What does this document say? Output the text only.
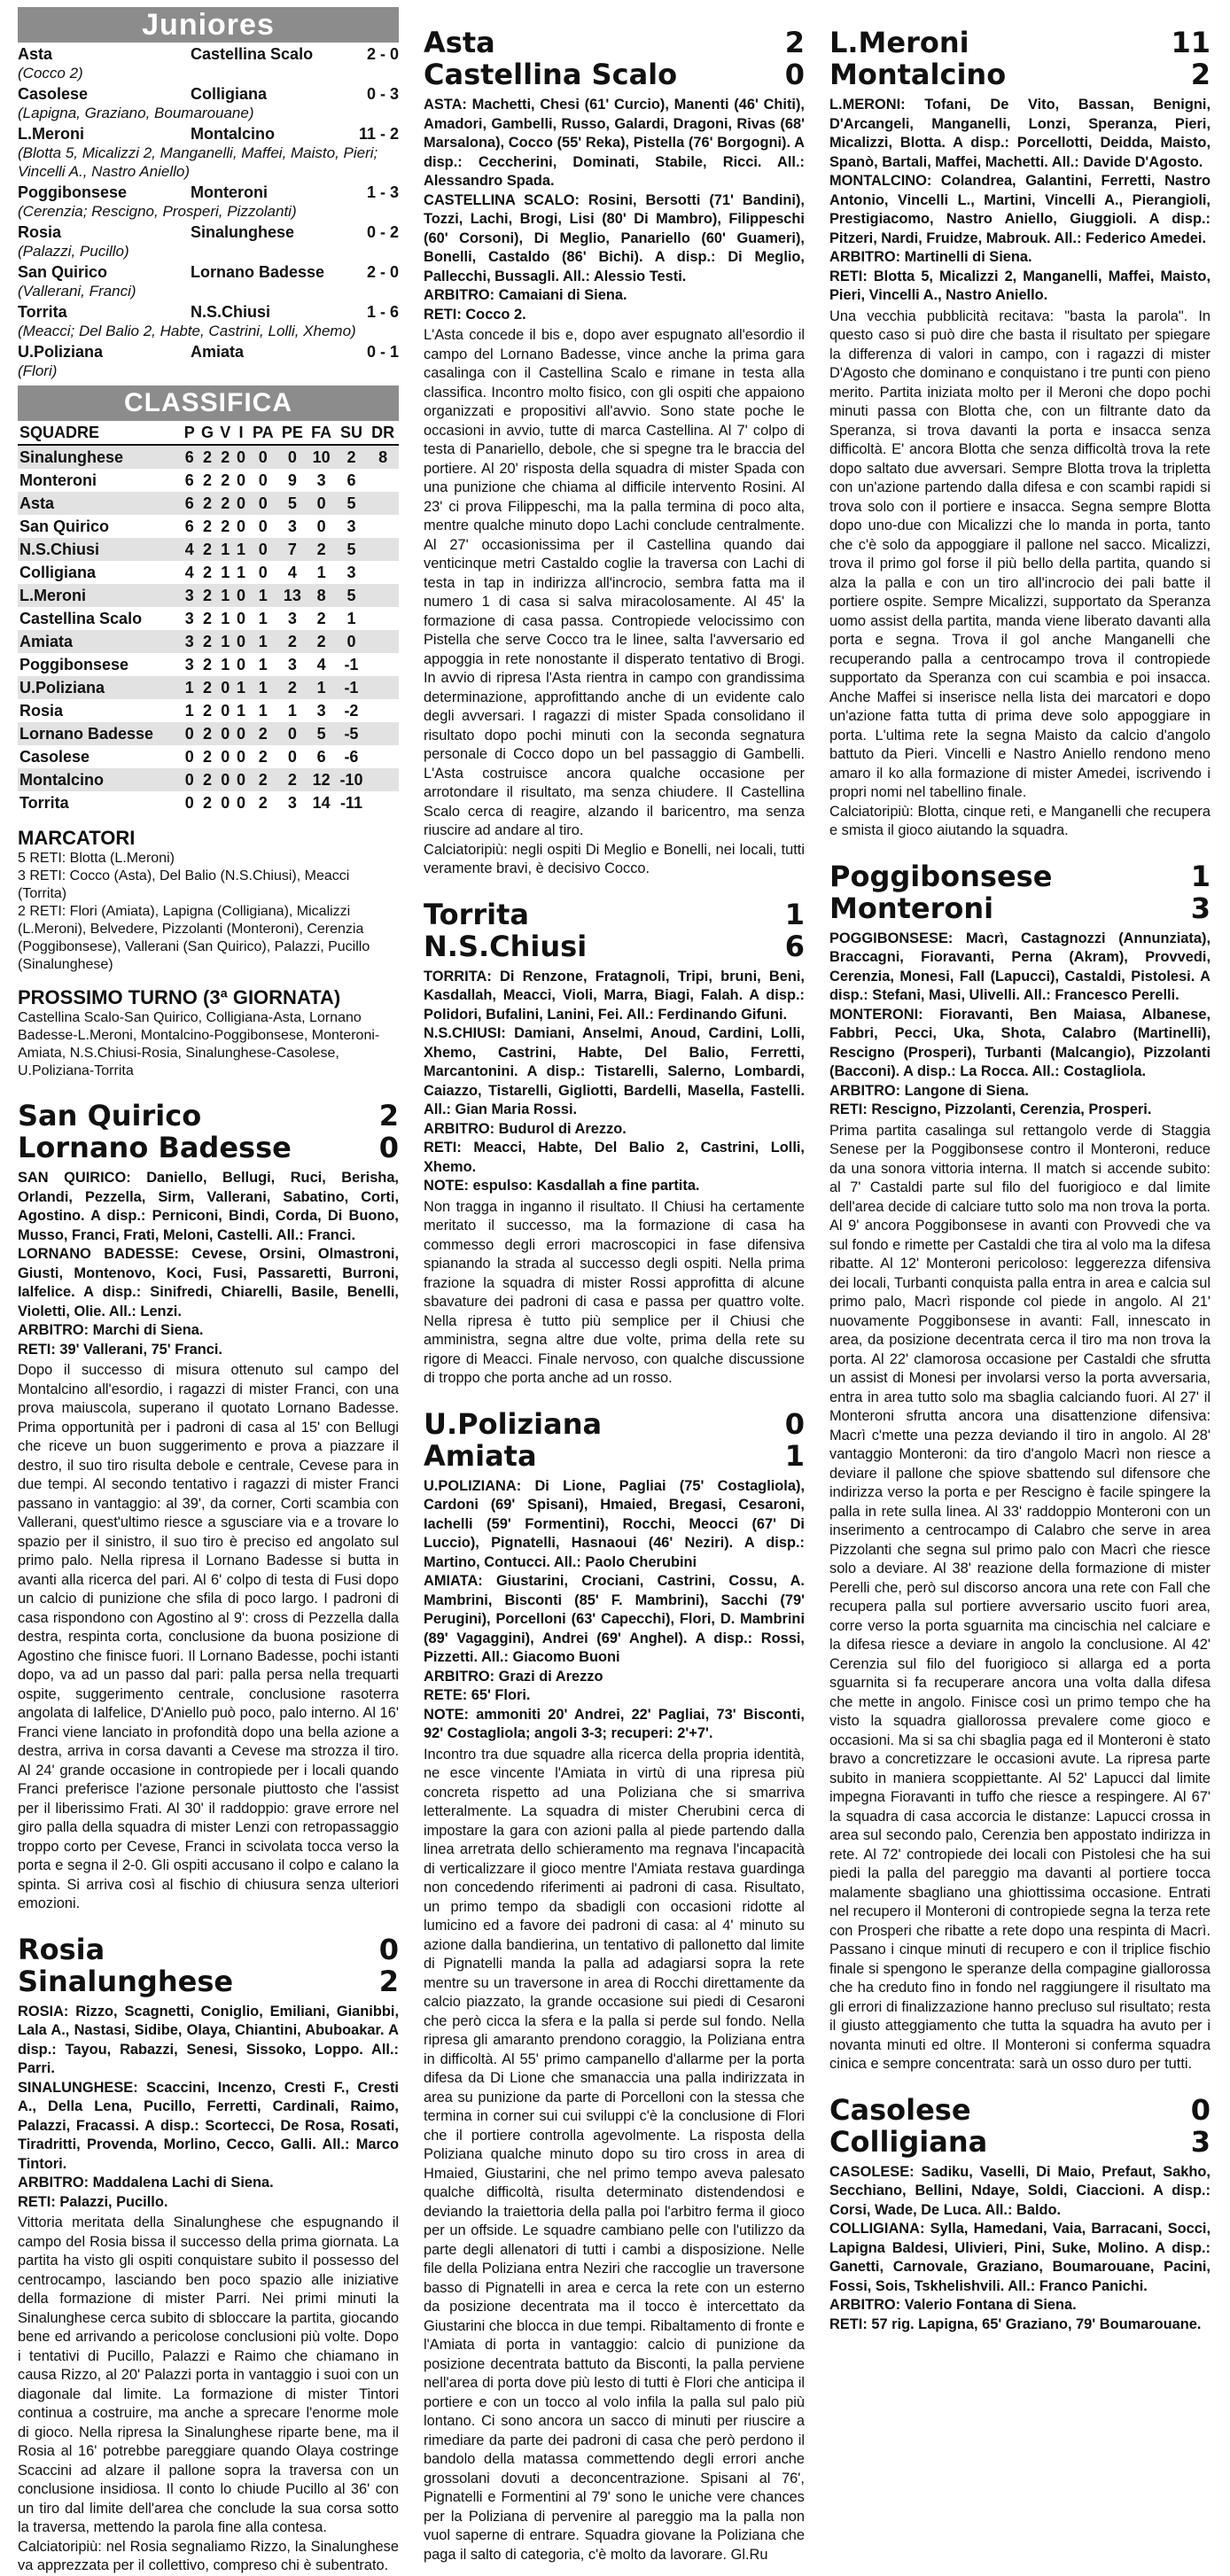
Juniores
Asta	Castellina Scalo	2 - 0
(Cocco 2)
Casolese	Colligiana	0 - 3
(Lapigna, Graziano, Boumarouane)
L.Meroni	Montalcino	11 - 2
(Blotta 5, Micalizzi 2, Manganelli, Maffei, Maisto, Pieri; Vincelli A., Nastro Aniello)
Poggibonsese	Monteroni	1 - 3
(Cerenzia; Rescigno, Prosperi, Pizzolanti)
Rosia	Sinalunghese	0 - 2
(Palazzi, Pucillo)
San Quirico	Lornano Badesse	2 - 0
(Vallerani, Franci)
Torrita	N.S.Chiusi	1 - 6
(Meacci; Del Balio 2, Habte, Castrini, Lolli, Xhemo)
U.Poliziana	Amiata	0 - 1
(Flori)
CLASSIFICA
SQUADRE	P	G	V	I	PA	PE	FA	SU	DR
Sinalunghese	6	2	2	0	0	0	10	2	8
Monteroni	6	2	2	0	0	9	3	6	
Asta	6	2	2	0	0	5	0	5	
San Quirico	6	2	2	0	0	3	0	3	
N.S.Chiusi	4	2	1	1	0	7	2	5	
Colligiana	4	2	1	1	0	4	1	3	
L.Meroni	3	2	1	0	1	13	8	5	
Castellina Scalo	3	2	1	0	1	3	2	1	
Amiata	3	2	1	0	1	2	2	0	
Poggibonsese	3	2	1	0	1	3	4	-1	
U.Poliziana	1	2	0	1	1	2	1	-1	
Rosia	1	2	0	1	1	1	3	-2	
Lornano Badesse	0	2	0	0	2	0	5	-5	
Casolese	0	2	0	0	2	0	6	-6	
Montalcino	0	2	0	0	2	2	12	-10	
Torrita	0	2	0	0	2	3	14	-11	
MARCATORI
5 RETI: Blotta (L.Meroni)
3 RETI: Cocco (Asta), Del Balio (N.S.Chiusi), Meacci (Torrita)
2 RETI: Flori (Amiata), Lapigna (Colligiana), Micalizzi (L.Meroni), Belvedere, Pizzolanti (Monteroni), Cerenzia (Poggibonsese), Vallerani (San Quirico), Palazzi, Pucillo (Sinalunghese)
PROSSIMO TURNO (3ª GIORNATA)
Castellina Scalo-San Quirico, Colligiana-Asta, Lornano Badesse-L.Meroni, Montalcino-Poggibonsese, Monteroni-Amiata, N.S.Chiusi-Rosia, Sinalunghese-Casolese, U.Poliziana-Torrita
San Quirico	2
Lornano Badesse	0
SAN QUIRICO: Daniello, Bellugi, Ruci, Berisha, Orlandi, Pezzella, Sirm, Vallerani, Sabatino, Corti, Agostino. A disp.: Perniconi, Bindi, Corda, Di Buono, Musso, Franci, Frati, Meloni, Castelli. All.: Franci.
LORNANO BADESSE: Cevese, Orsini, Olmastroni, Giusti, Montenovo, Koci, Fusi, Passaretti, Burroni, Ialfelice. A disp.: Sinifredi, Chiarelli, Basile, Benelli, Violetti, Olie. All.: Lenzi.
ARBITRO: Marchi di Siena.
RETI: 39' Vallerani, 75' Franci.
Dopo il successo di misura ottenuto sul campo del Montalcino all'esordio, i ragazzi di mister Franci, con una prova maiuscola, superano il quotato Lornano Badesse. Prima opportunità per i padroni di casa al 15' con Bellugi che riceve un buon suggerimento e prova a piazzare il destro, il suo tiro risulta debole e centrale, Cevese para in due tempi. Al secondo tentativo i ragazzi di mister Franci passano in vantaggio: al 39', da corner, Corti scambia con Vallerani, quest'ultimo riesce a sgusciare via e a trovare lo spazio per il sinistro, il suo tiro è preciso ed angolato sul primo palo. Nella ripresa il Lornano Badesse si butta in avanti alla ricerca del pari. Al 6' colpo di testa di Fusi dopo un calcio di punizione che sfila di poco largo. I padroni di casa rispondono con Agostino al 9': cross di Pezzella dalla destra, respinta corta, conclusione da buona posizione di Agostino che finisce fuori. Il Lornano Badesse, pochi istanti dopo, va ad un passo dal pari: palla persa nella trequarti ospite, suggerimento centrale, conclusione rasoterra angolata di Ialfelice, D'Aniello può poco, palo interno. Al 16' Franci viene lanciato in profondità dopo una bella azione a destra, arriva in corsa davanti a Cevese ma strozza il tiro. Al 24' grande occasione in contropiede per i locali quando Franci preferisce l'azione personale piuttosto che l'assist per il liberissimo Frati. Al 30' il raddoppio: grave errore nel giro palla della squadra di mister Lenzi con retropassaggio troppo corto per Cevese, Franci in scivolata tocca verso la porta e segna il 2-0. Gli ospiti accusano il colpo e calano la spinta. Si arriva così al fischio di chiusura senza ulteriori emozioni.
Rosia	0
Sinalunghese	2
ROSIA: Rizzo, Scagnetti, Coniglio, Emiliani, Gianibbi, Lala A., Nastasi, Sidibe, Olaya, Chiantini, Abuboakar. A disp.: Tayou, Rabazzi, Senesi, Sissoko, Loppo. All.: Parri.
SINALUNGHESE: Scaccini, Incenzo, Cresti F., Cresti A., Della Lena, Pucillo, Ferretti, Cardinali, Raimo, Palazzi, Fracassi. A disp.: Scortecci, De Rosa, Rosati, Tiradritti, Provenda, Morlino, Cecco, Galli. All.: Marco Tintori.
ARBITRO: Maddalena Lachi di Siena.
RETI: Palazzi, Pucillo.
Vittoria meritata della Sinalunghese che espugnando il campo del Rosia bissa il successo della prima giornata. La partita ha visto gli ospiti conquistare subito il possesso del centrocampo, lasciando ben poco spazio alle iniziative della formazione di mister Parri. Nei primi minuti la Sinalunghese cerca subito di sbloccare la partita, giocando bene ed arrivando a pericolose conclusioni più volte. Dopo i tentativi di Pucillo, Palazzi e Raimo che chiamano in causa Rizzo, al 20' Palazzi porta in vantaggio i suoi con un diagonale dal limite. La formazione di mister Tintori continua a costruire, ma anche a sprecare l'enorme mole di gioco. Nella ripresa la Sinalunghese riparte bene, ma il Rosia al 16' potrebbe pareggiare quando Olaya costringe Scaccini ad alzare il pallone sopra la traversa con un conclusione insidiosa. Il conto lo chiude Pucillo al 36' con un tiro dal limite dell'area che conclude la sua corsa sotto la traversa, mettendo la parola fine alla contesa.
Calciatoripiù: nel Rosia segnaliamo Rizzo, la Sinalunghese va apprezzata per il collettivo, compreso chi è subentrato.
Asta	2
Castellina Scalo	0
ASTA: Machetti, Chesi (61' Curcio), Manenti (46' Chiti), Amadori, Gambelli, Russo, Galardi, Dragoni, Rivas (68' Marsalona), Cocco (55' Reka), Pistella (76' Borgogni). A disp.: Ceccherini, Dominati, Stabile, Ricci. All.: Alessandro Spada.
CASTELLINA SCALO: Rosini, Bersotti (71' Bandini), Tozzi, Lachi, Brogi, Lisi (80' Di Mambro), Filippeschi (60' Corsoni), Di Meglio, Panariello (60' Guameri), Bonelli, Castaldo (86' Bichi). A disp.: Di Meglio, Pallecchi, Bussagli. All.: Alessio Testi.
ARBITRO: Camaiani di Siena.
RETI: Cocco 2.
L'Asta concede il bis e, dopo aver espugnato all'esordio il campo del Lornano Badesse, vince anche la prima gara casalinga con il Castellina Scalo e rimane in testa alla classifica. Incontro molto fisico, con gli ospiti che appaiono organizzati e propositivi all'avvio. Sono state poche le occasioni in avvio, tutte di marca Castellina. Al 7' colpo di testa di Panariello, debole, che si spegne tra le braccia del portiere. Al 20' risposta della squadra di mister Spada con una punizione che chiama al difficile intervento Rosini. Al 23' ci prova Filippeschi, ma la palla termina di poco alta, mentre qualche minuto dopo Lachi conclude centralmente. Al 27' occasionissima per il Castellina quando dai venticinque metri Castaldo coglie la traversa con Lachi di testa in tap in indirizza all'incrocio, sembra fatta ma il numero 1 di casa si salva miracolosamente. Al 45' la formazione di casa passa. Contropiede velocissimo con Pistella che serve Cocco tra le linee, salta l'avversario ed appoggia in rete nonostante il disperato tentativo di Brogi. In avvio di ripresa l'Asta rientra in campo con grandissima determinazione, approfittando anche di un evidente calo degli avversari. I ragazzi di mister Spada consolidano il risultato dopo pochi minuti con la seconda segnatura personale di Cocco dopo un bel passaggio di Gambelli. L'Asta costruisce ancora qualche occasione per arrotondare il risultato, ma senza chiudere. Il Castellina Scalo cerca di reagire, alzando il baricentro, ma senza riuscire ad andare al tiro.
Calciatoripiù: negli ospiti Di Meglio e Bonelli, nei locali, tutti veramente bravi, è decisivo Cocco.
Torrita	1
N.S.Chiusi	6
TORRITA: Di Renzone, Fratagnoli, Tripi, bruni, Beni, Kasdallah, Meacci, Violi, Marra, Biagi, Falah. A disp.: Polidori, Bufalini, Lanini, Fei. All.: Ferdinando Gifuni.
N.S.CHIUSI: Damiani, Anselmi, Anoud, Cardini, Lolli, Xhemo, Castrini, Habte, Del Balio, Ferretti, Marcantonini. A disp.: Tistarelli, Salerno, Lombardi, Caiazzo, Tistarelli, Gigliotti, Bardelli, Masella, Fastelli. All.: Gian Maria Rossi.
ARBITRO: Budurol di Arezzo.
RETI: Meacci, Habte, Del Balio 2, Castrini, Lolli, Xhemo.
NOTE: espulso: Kasdallah a fine partita.
Non tragga in inganno il risultato. Il Chiusi ha certamente meritato il successo, ma la formazione di casa ha commesso degli errori macroscopici in fase difensiva spianando la strada al successo degli ospiti. Nella prima frazione la squadra di mister Rossi approfitta di alcune sbavature dei padroni di casa e passa per quattro volte. Nella ripresa è tutto più semplice per il Chiusi che amministra, segna altre due volte, prima della rete su rigore di Meacci. Finale nervoso, con qualche discussione di troppo che porta anche ad un rosso.
U.Poliziana	0
Amiata	1
U.POLIZIANA: Di Lione, Pagliai (75' Costagliola), Cardoni (69' Spisani), Hmaied, Bregasi, Cesaroni, Iachelli (59' Formentini), Rocchi, Meocci (67' Di Luccio), Pignatelli, Hasnaoui (46' Neziri). A disp.: Martino, Contucci. All.: Paolo Cherubini
AMIATA: Giustarini, Crociani, Castrini, Cossu, A. Mambrini, Bisconti (85' F. Mambrini), Sacchi (79' Perugini), Porcelloni (63' Capecchi), Flori, D. Mambrini (89' Vagaggini), Andrei (69' Anghel). A disp.: Rossi, Pizzetti. All.: Giacomo Buoni
ARBITRO: Grazi di Arezzo
RETE: 65' Flori.
NOTE: ammoniti 20' Andrei, 22' Pagliai, 73' Bisconti, 92' Costagliola; angoli 3-3; recuperi: 2'+7'.
Incontro tra due squadre alla ricerca della propria identità, ne esce vincente l'Amiata in virtù di una ripresa più concreta rispetto ad una Poliziana che si smarriva letteralmente. La squadra di mister Cherubini cerca di impostare la gara con azioni palla al piede partendo dalla linea arretrata dello schieramento ma regnava l'incapacità di verticalizzare il gioco mentre l'Amiata restava guardinga non concedendo riferimenti ai padroni di casa. Risultato, un primo tempo da sbadigli con occasioni ridotte al lumicino ed a favore dei padroni di casa: al 4' minuto su azione dalla bandierina, un tentativo di pallonetto dal limite di Pignatelli manda la palla ad adagiarsi sopra la rete mentre su un traversone in area di Rocchi direttamente da calcio piazzato, la grande occasione sui piedi di Cesaroni che però cicca la sfera e la palla si perde sul fondo. Nella ripresa gli amaranto prendono coraggio, la Poliziana entra in difficoltà. Al 55' primo campanello d'allarme per la porta difesa da Di Lione che smanaccia una palla indirizzata in area su punizione da parte di Porcelloni con la stessa che termina in corner sui cui sviluppi c'è la conclusione di Flori che il portiere controlla agevolmente. La risposta della Poliziana qualche minuto dopo su tiro cross in area di Hmaied, Giustarini, che nel primo tempo aveva palesato qualche difficoltà, risulta determinato distendendosi e deviando la traiettoria della palla poi l'arbitro ferma il gioco per un offside. Le squadre cambiano pelle con l'utilizzo da parte degli allenatori di tutti i cambi a disposizione. Nelle file della Poliziana entra Neziri che raccoglie un traversone basso di Pignatelli in area e cerca la rete con un esterno da posizione decentrata ma il tocco è intercettato da Giustarini che blocca in due tempi. Ribaltamento di fronte e l'Amiata di porta in vantaggio: calcio di punizione da posizione decentrata battuto da Bisconti, la palla perviene nell'area di porta dove più lesto di tutti è Flori che anticipa il portiere e con un tocco al volo infila la palla sul palo più lontano. Ci sono ancora un sacco di minuti per riuscire a rimediare da parte dei padroni di casa che però perdono il bandolo della matassa commettendo degli errori anche grossolani dovuti a deconcentrazione. Spisani al 76', Pignatelli e Formentini al 79' sono le uniche vere chances per la Poliziana di pervenire al pareggio ma la palla non vuol saperne di entrare. Squadra giovane la Poliziana che paga il salto di categoria, c'è molto da lavorare. Gl.Ru
L.Meroni	11
Montalcino	2
L.MERONI: Tofani, De Vito, Bassan, Benigni, D'Arcangeli, Manganelli, Lonzi, Speranza, Pieri, Micalizzi, Blotta. A disp.: Porcellotti, Deidda, Maisto, Spanò, Bartali, Maffei, Machetti. All.: Davide D'Agosto.
MONTALCINO: Colandrea, Galantini, Ferretti, Nastro Antonio, Vincelli L., Martini, Vincelli A., Pierangioli, Prestigiacomo, Nastro Aniello, Giuggioli. A disp.: Pitzeri, Nardi, Fruidze, Mabrouk. All.: Federico Amedei.
ARBITRO: Martinelli di Siena.
RETI: Blotta 5, Micalizzi 2, Manganelli, Maffei, Maisto, Pieri, Vincelli A., Nastro Aniello.
Una vecchia pubblicità recitava: "basta la parola". In questo caso si può dire che basta il risultato per spiegare la differenza di valori in campo, con i ragazzi di mister D'Agosto che dominano e conquistano i tre punti con pieno merito. Partita iniziata molto per il Meroni che dopo pochi minuti passa con Blotta che, con un filtrante dato da Speranza, si trova davanti la porta e insacca senza difficoltà. E' ancora Blotta che senza difficoltà trova la rete dopo saltato due avversari. Sempre Blotta trova la tripletta con un'azione partendo dalla difesa e con scambi rapidi si trova solo con il portiere e insacca. Segna sempre Blotta dopo uno-due con Micalizzi che lo manda in porta, tanto che c'è solo da appoggiare il pallone nel sacco. Micalizzi, trova il primo gol forse il più bello della partita, quando si alza la palla e con un tiro all'incrocio dei pali batte il portiere ospite. Sempre Micalizzi, supportato da Speranza uomo assist della partita, manda viene liberato davanti alla porta e segna. Trova il gol anche Manganelli che recuperando palla a centrocampo trova il contropiede supportato da Speranza con cui scambia e poi insacca. Anche Maffei si inserisce nella lista dei marcatori e dopo un'azione fatta tutta di prima deve solo appoggiare in porta. L'ultima rete la segna Maisto da calcio d'angolo battuto da Pieri. Vincelli e Nastro Aniello rendono meno amaro il ko alla formazione di mister Amedei, iscrivendo i propri nomi nel tabellino finale.
Calciatoripiù: Blotta, cinque reti, e Manganelli che recupera e smista il gioco aiutando la squadra.
Poggibonsese	1
Monteroni	3
POGGIBONSESE: Macrì, Castagnozzi (Annunziata), Braccagni, Fioravanti, Perna (Akram), Provvedi, Cerenzia, Monesi, Fall (Lapucci), Castaldi, Pistolesi. A disp.: Stefani, Masi, Ulivelli. All.: Francesco Perelli.
MONTERONI: Fioravanti, Ben Maiasa, Albanese, Fabbri, Pecci, Uka, Shota, Calabro (Martinelli), Rescigno (Prosperi), Turbanti (Malcangio), Pizzolanti (Bacconi). A disp.: La Rocca. All.: Costagliola.
ARBITRO: Langone di Siena.
RETI: Rescigno, Pizzolanti, Cerenzia, Prosperi.
Prima partita casalinga sul rettangolo verde di Staggia Senese per la Poggibonsese contro il Monteroni, reduce da una sonora vittoria interna. Il match si accende subito: al 7' Castaldi parte sul filo del fuorigioco e dal limite dell'area decide di calciare tutto solo ma non trova la porta. Al 9' ancora Poggibonsese in avanti con Provvedi che va sul fondo e rimette per Castaldi che tira al volo ma la difesa ribatte. Al 12' Monteroni pericoloso: leggerezza difensiva dei locali, Turbanti conquista palla entra in area e calcia sul primo palo, Macrì risponde col piede in angolo. Al 21' nuovamente Poggibonsese in avanti: Fall, innescato in area, da posizione decentrata cerca il tiro ma non trova la porta. Al 22' clamorosa occasione per Castaldi che sfrutta un assist di Monesi per involarsi verso la porta avversaria, entra in area tutto solo ma sbaglia calciando fuori. Al 27' il Monteroni sfrutta ancora una disattenzione difensiva: Macrì c'mette una pezza deviando il tiro in angolo. Al 28' vantaggio Monteroni: da tiro d'angolo Macrì non riesce a deviare il pallone che spiove sbattendo sul difensore che indirizza verso la porta e per Rescigno è facile spingere la palla in rete sulla linea. Al 33' raddoppio Monteroni con un inserimento a centrocampo di Calabro che serve in area Pizzolanti che segna sul primo palo con Macrì che riesce solo a deviare. Al 38' reazione della formazione di mister Perelli che, però sul discorso ancora una rete con Fall che recupera palla sul portiere avversario uscito fuori area, corre verso la porta sguarnita ma cincischia nel calciare e la difesa riesce a deviare in angolo la conclusione. Al 42' Cerenzia sul filo del fuorigioco si allarga ed a porta sguarnita si fa recuperare ancora una volta dalla difesa che mette in angolo. Finisce così un primo tempo che ha visto la squadra giallorossa prevalere come gioco e occasioni. Ma si sa chi sbaglia paga ed il Monteroni è stato bravo a concretizzare le occasioni avute. La ripresa parte subito in maniera scoppiettante. Al 52' Lapucci dal limite impegna Fioravanti in tuffo che riesce a respingere. Al 67' la squadra di casa accorcia le distanze: Lapucci crossa in area sul secondo palo, Cerenzia ben appostato indirizza in rete. Al 72' contropiede dei locali con Pistolesi che ha sui piedi la palla del pareggio ma davanti al portiere tocca malamente sbagliano una ghiottissima occasione. Entrati nel recupero il Monteroni di contropiede segna la terza rete con Prosperi che ribatte a rete dopo una respinta di Macrì. Passano i cinque minuti di recupero e con il triplice fischio finale si spengono le speranze della compagine giallorossa che ha creduto fino in fondo nel raggiungere il risultato ma gli errori di finalizzazione hanno precluso sul risultato; resta il giusto atteggiamento che tutta la squadra ha avuto per i novanta minuti ed oltre. Il Monteroni si conferma squadra cinica e sempre concentrata: sarà un osso duro per tutti.
Casolese	0
Colligiana	3
CASOLESE: Sadiku, Vaselli, Di Maio, Prefaut, Sakho, Secchiano, Bellini, Ndaye, Soldi, Ciaccioni. A disp.: Corsi, Wade, De Luca. All.: Baldo.
COLLIGIANA: Sylla, Hamedani, Vaia, Barracani, Socci, Lapigna Baldesi, Ulivieri, Pini, Suke, Molino. A disp.: Ganetti, Carnovale, Graziano, Boumarouane, Pacini, Fossi, Sois, Tskhelishvili. All.: Franco Panichi.
ARBITRO: Valerio Fontana di Siena.
RETI: 57 rig. Lapigna, 65' Graziano, 79' Boumarouane.
